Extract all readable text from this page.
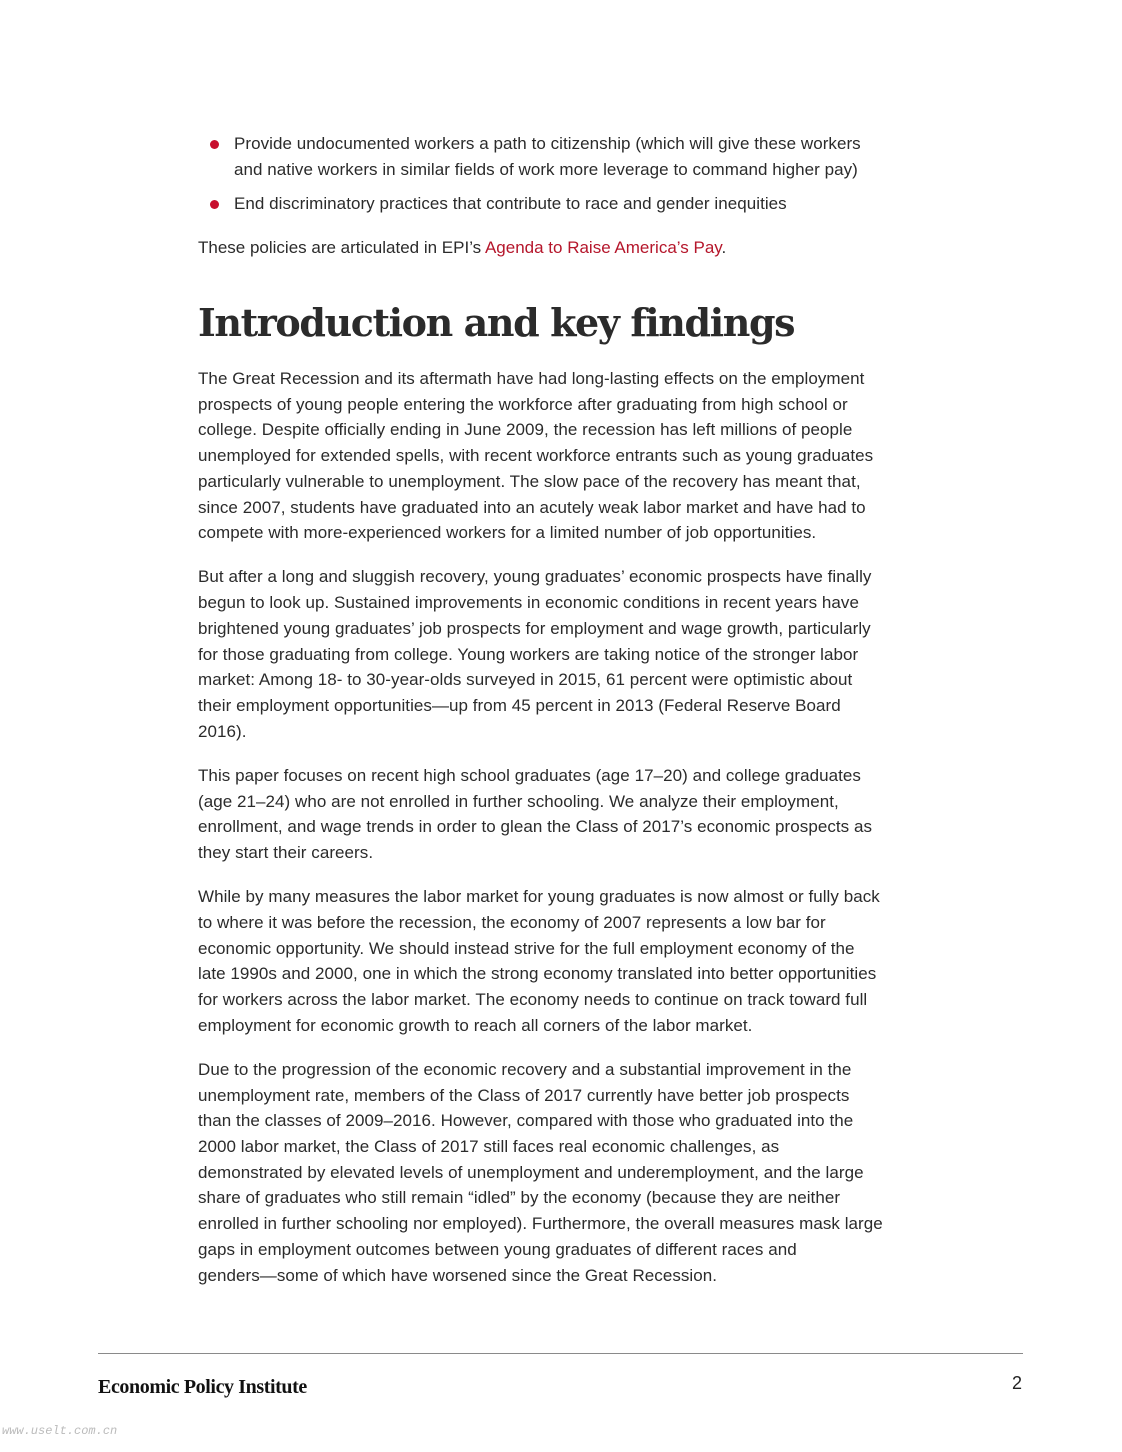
Provide undocumented workers a path to citizenship (which will give these workers
and native workers in similar fields of work more leverage to command higher pay)
End discriminatory practices that contribute to race and gender inequities
These policies are articulated in EPI’s Agenda to Raise America’s Pay.
Introduction and key findings
The Great Recession and its aftermath have had long-lasting effects on the employment
prospects of young people entering the workforce after graduating from high school or
college. Despite officially ending in June 2009, the recession has left millions of people
unemployed for extended spells, with recent workforce entrants such as young graduates
particularly vulnerable to unemployment. The slow pace of the recovery has meant that,
since 2007, students have graduated into an acutely weak labor market and have had to
compete with more-experienced workers for a limited number of job opportunities.
But after a long and sluggish recovery, young graduates’ economic prospects have finally
begun to look up. Sustained improvements in economic conditions in recent years have
brightened young graduates’ job prospects for employment and wage growth, particularly
for those graduating from college. Young workers are taking notice of the stronger labor
market: Among 18- to 30-year-olds surveyed in 2015, 61 percent were optimistic about
their employment opportunities—up from 45 percent in 2013 (Federal Reserve Board
2016).
This paper focuses on recent high school graduates (age 17–20) and college graduates
(age 21–24) who are not enrolled in further schooling. We analyze their employment,
enrollment, and wage trends in order to glean the Class of 2017’s economic prospects as
they start their careers.
While by many measures the labor market for young graduates is now almost or fully back
to where it was before the recession, the economy of 2007 represents a low bar for
economic opportunity. We should instead strive for the full employment economy of the
late 1990s and 2000, one in which the strong economy translated into better opportunities
for workers across the labor market. The economy needs to continue on track toward full
employment for economic growth to reach all corners of the labor market.
Due to the progression of the economic recovery and a substantial improvement in the
unemployment rate, members of the Class of 2017 currently have better job prospects
than the classes of 2009–2016. However, compared with those who graduated into the
2000 labor market, the Class of 2017 still faces real economic challenges, as
demonstrated by elevated levels of unemployment and underemployment, and the large
share of graduates who still remain “idled” by the economy (because they are neither
enrolled in further schooling nor employed). Furthermore, the overall measures mask large
gaps in employment outcomes between young graduates of different races and
genders—some of which have worsened since the Great Recession.
Economic Policy Institute	2
www.uselt.com.cn
